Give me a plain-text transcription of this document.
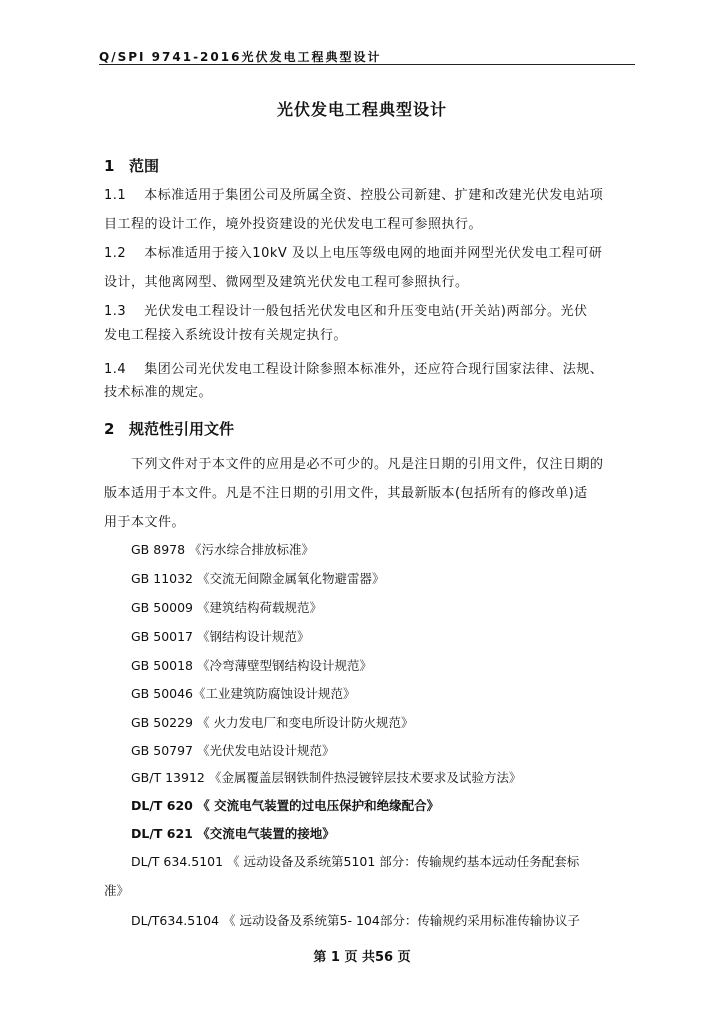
Q/SPI 9741-2016光伏发电工程典型设计
光伏发电工程典型设计
1 范围
1.1　 本标准适用于集团公司及所属全资、控股公司新建、扩建和改建光伏发电站项
目工程的设计工作，境外投资建设的光伏发电工程可参照执行。
1.2　 本标准适用于接入10kV 及以上电压等级电网的地面并网型光伏发电工程可研
设计，其他离网型、微网型及建筑光伏发电工程可参照执行。
1.3　 光伏发电工程设计一般包括光伏发电区和升压变电站(开关站)两部分。光伏
发电工程接入系统设计按有关规定执行。
1.4　 集团公司光伏发电工程设计除参照本标准外，还应符合现行国家法律、法规、
技术标准的规定。
2 规范性引用文件
下列文件对于本文件的应用是必不可少的。凡是注日期的引用文件，仅注日期的
版本适用于本文件。凡是不注日期的引用文件，其最新版本(包括所有的修改单)适
用于本文件。
GB 8978 《污水综合排放标准》
GB 11032 《交流无间隙金属氧化物避雷器》
GB 50009 《建筑结构荷载规范》
GB 50017 《钢结构设计规范》
GB 50018 《冷弯薄壁型钢结构设计规范》
GB 50046《工业建筑防腐蚀设计规范》
GB 50229 《 火力发电厂和变电所设计防火规范》
GB 50797 《光伏发电站设计规范》
GB/T 13912 《金属覆盖层钢铁制件热浸镀锌层技术要求及试验方法》
DL/T 620 《 交流电气装置的过电压保护和绝缘配合》
DL/T 621 《交流电气装置的接地》
DL/T 634.5101 《 远动设备及系统第5101 部分：传输规约基本远动任务配套标
准》
DL/T634.5104 《 远动设备及系统第5- 104部分：传输规约采用标准传输协议子
第 1 页 共56 页
